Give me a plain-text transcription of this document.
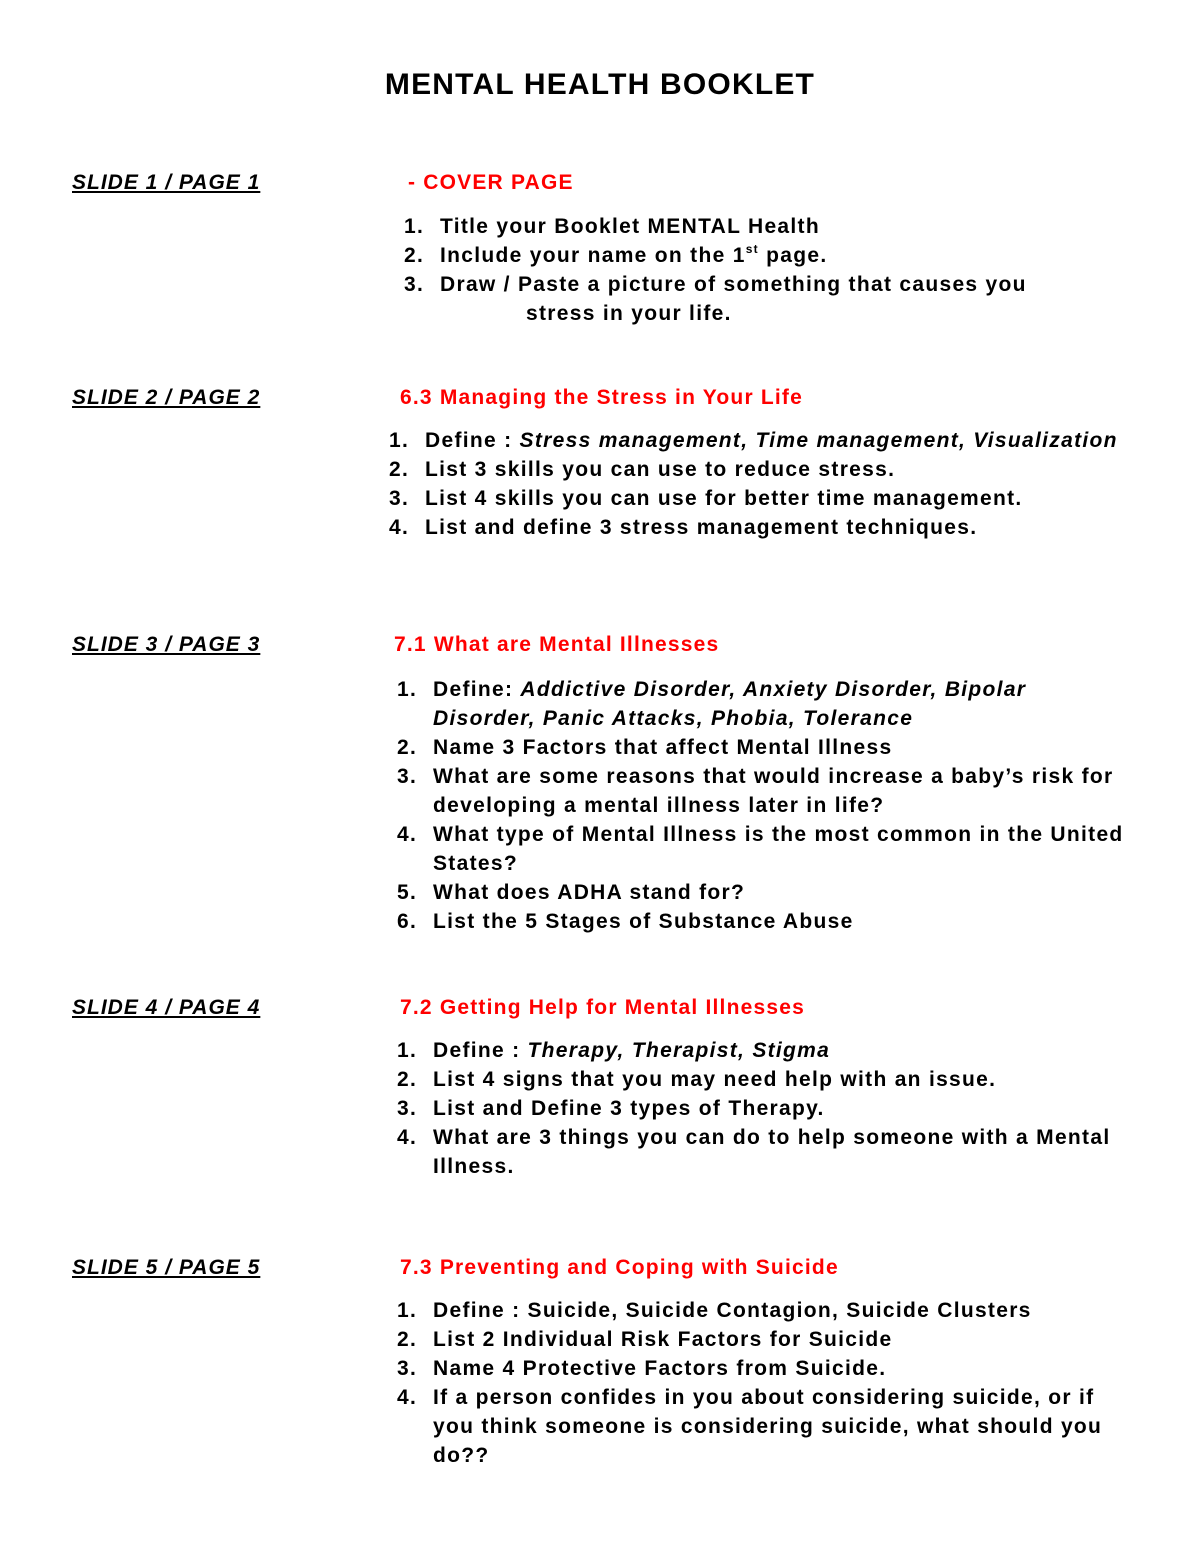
MENTAL HEALTH BOOKLET
SLIDE 1 / PAGE 1	- COVER PAGE
1. Title your Booklet MENTAL Health
2. Include your name on the 1st page.
3. Draw / Paste a picture of something that causes you
stress in your life.
SLIDE 2 / PAGE 2	6.3 Managing the Stress in Your Life
1. Define : Stress management, Time management, Visualization
2. List 3 skills you can use to reduce stress.
3. List 4 skills you can use for better time management.
4. List and define 3 stress management techniques.
SLIDE 3 / PAGE 3	7.1 What are Mental Illnesses
1. Define: Addictive Disorder, Anxiety Disorder, Bipolar Disorder, Panic Attacks, Phobia, Tolerance
2. Name 3 Factors that affect Mental Illness
3. What are some reasons that would increase a baby’s risk for developing a mental illness later in life?
4. What type of Mental Illness is the most common in the United States?
5. What does ADHA stand for?
6. List the 5 Stages of Substance Abuse
SLIDE 4 / PAGE 4	7.2 Getting Help for Mental Illnesses
1. Define : Therapy, Therapist, Stigma
2. List 4 signs that you may need help with an issue.
3. List and Define 3 types of Therapy.
4. What are 3 things you can do to help someone with a Mental Illness.
SLIDE 5 / PAGE 5	7.3 Preventing and Coping with Suicide
1. Define : Suicide, Suicide Contagion, Suicide Clusters
2. List 2 Individual Risk Factors for Suicide
3. Name 4 Protective Factors from Suicide.
4. If a person confides in you about considering suicide, or if you think someone is considering suicide, what should you do??
